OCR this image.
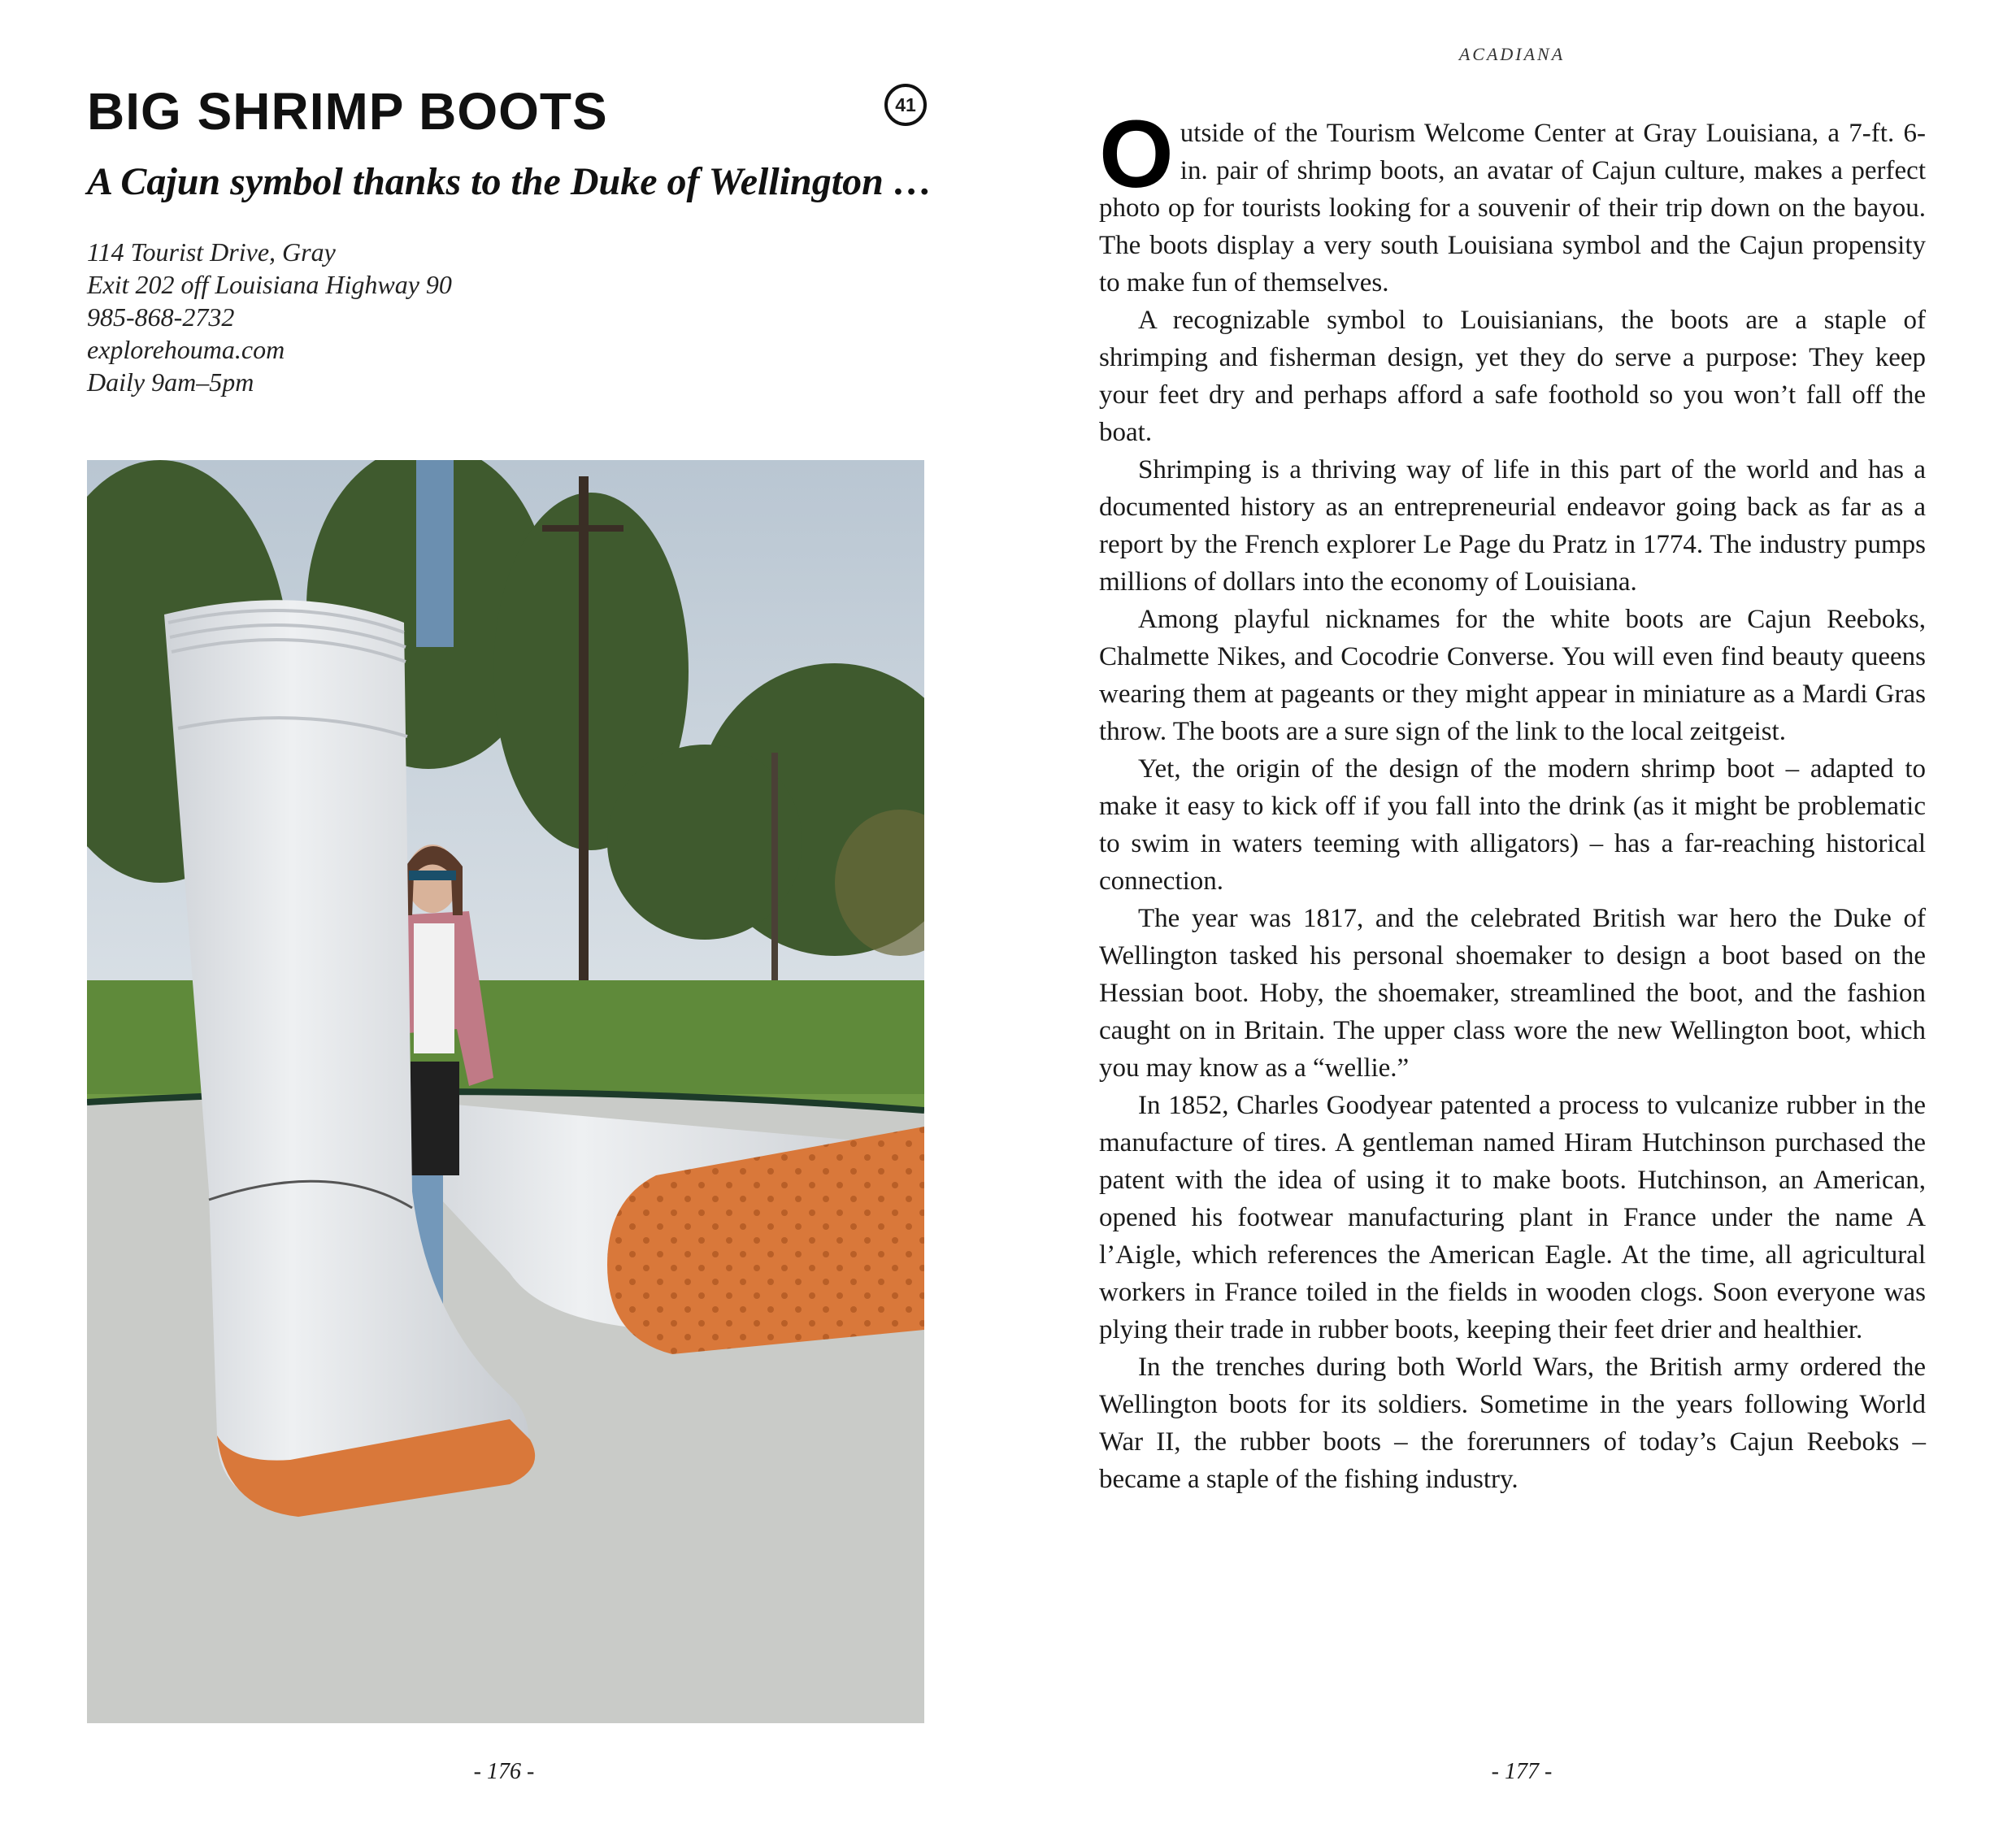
BIG SHRIMP BOOTS	41
A Cajun symbol thanks to the Duke of Wellington …
114 Tourist Drive, Gray
Exit 202 off Louisiana Highway 90
985-868-2732
explorehouma.com
Daily 9am–5pm
- 176 -
ACADIANA

Outside of the Tourism Welcome Center at Gray Louisiana, a 7-ft. 6-in. pair of shrimp boots, an avatar of Cajun culture, makes a perfect photo op for tourists looking for a souvenir of their trip down on the bayou. The boots display a very south Louisiana symbol and the Cajun propensity to make fun of themselves.

A recognizable symbol to Louisianians, the boots are a staple of shrimping and fisherman design, yet they do serve a purpose: They keep your feet dry and perhaps afford a safe foothold so you won’t fall off the boat.

Shrimping is a thriving way of life in this part of the world and has a documented history as an entrepreneurial endeavor going back as far as a report by the French explorer Le Page du Pratz in 1774. The industry pumps millions of dollars into the economy of Louisiana.

Among playful nicknames for the white boots are Cajun Reeboks, Chalmette Nikes, and Cocodrie Converse. You will even find beauty queens wearing them at pageants or they might appear in miniature as a Mardi Gras throw. The boots are a sure sign of the link to the local zeitgeist.

Yet, the origin of the design of the modern shrimp boot – adapted to make it easy to kick off if you fall into the drink (as it might be problematic to swim in waters teeming with alligators) – has a far-reaching historical connection.

The year was 1817, and the celebrated British war hero the Duke of Wellington tasked his personal shoemaker to design a boot based on the Hessian boot. Hoby, the shoemaker, streamlined the boot, and the fashion caught on in Britain. The upper class wore the new Wellington boot, which you may know as a “wellie.”

In 1852, Charles Goodyear patented a process to vulcanize rubber in the manufacture of tires. A gentleman named Hiram Hutchinson purchased the patent with the idea of using it to make boots. Hutchinson, an American, opened his footwear manufacturing plant in France under the name A l’Aigle, which references the American Eagle. At the time, all agricultural workers in France toiled in the fields in wooden clogs. Soon everyone was plying their trade in rubber boots, keeping their feet drier and healthier.

In the trenches during both World Wars, the British army ordered the Wellington boots for its soldiers. Sometime in the years following World War II, the rubber boots – the forerunners of today’s Cajun Reeboks – became a staple of the fishing industry.

- 177 -
